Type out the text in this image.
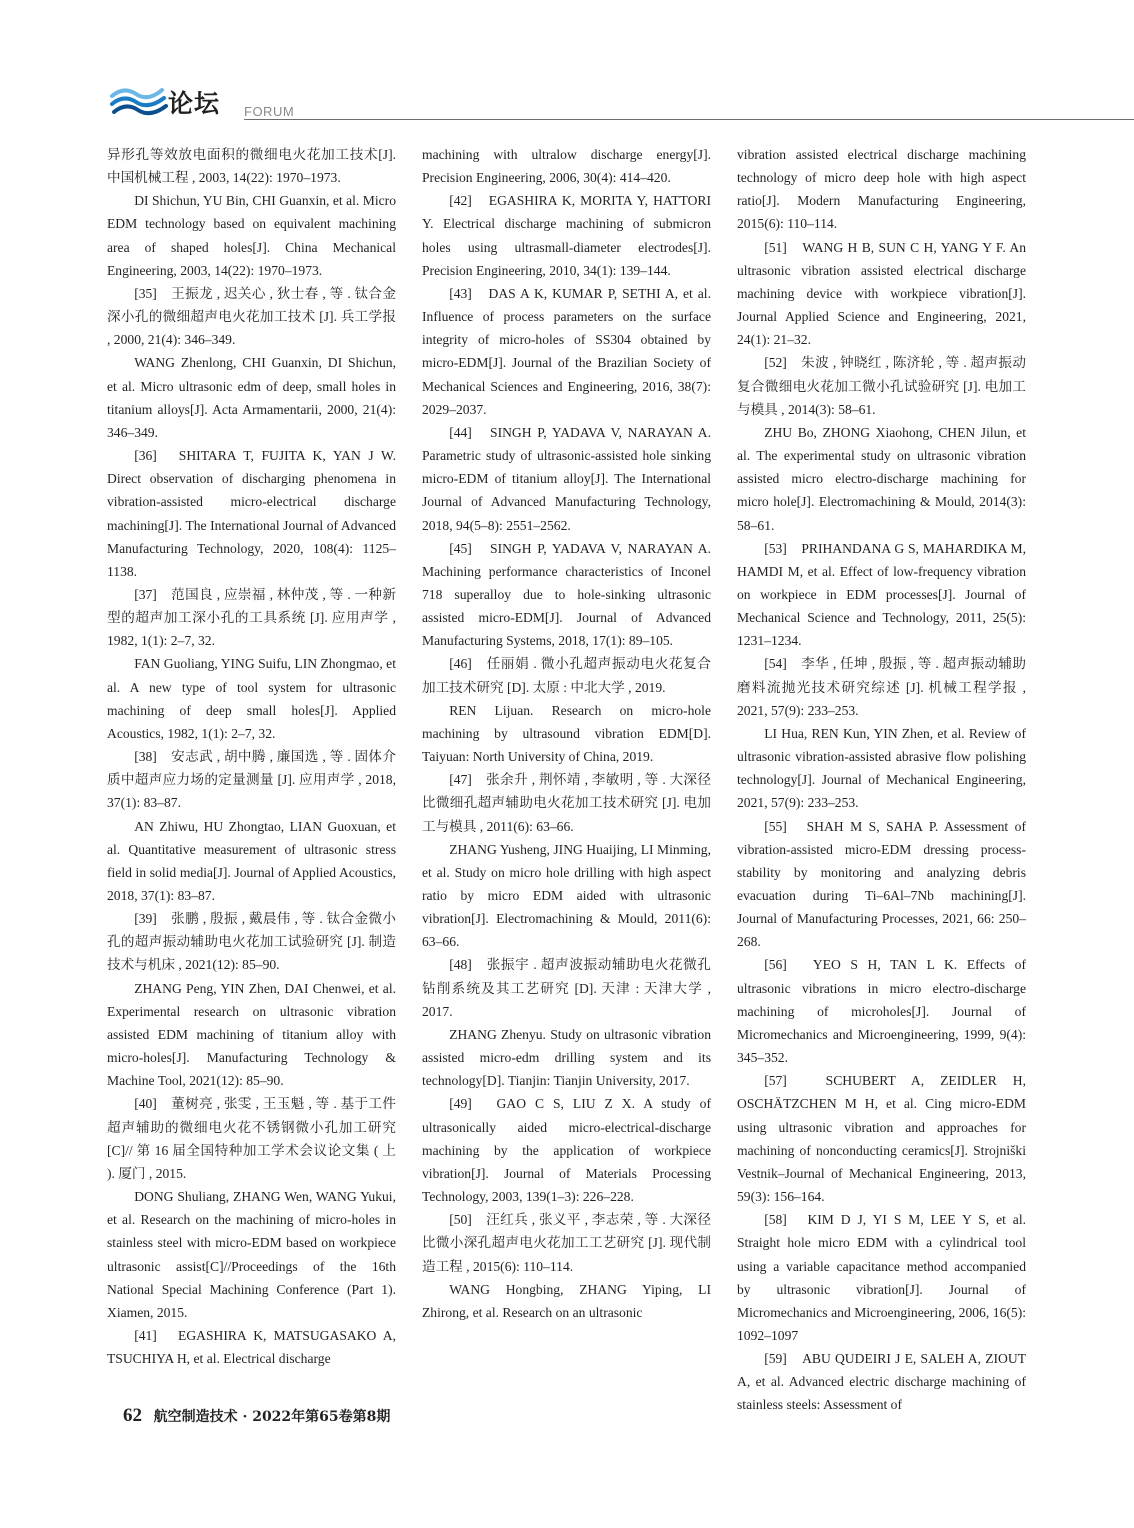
论坛 FORUM

异形孔等效放电面积的微细电火花加工技术[J]. 中国机械工程 , 2003, 14(22): 1970–1973.

DI Shichun, YU Bin, CHI Guanxin, et al. Micro EDM technology based on equivalent machining area of shaped holes[J]. China Mechanical Engineering, 2003, 14(22): 1970–1973.

[35]　王振龙 , 迟关心 , 狄士春 , 等 . 钛合金深小孔的微细超声电火花加工技术 [J]. 兵工学报 , 2000, 21(4): 346–349.

WANG Zhenlong, CHI Guanxin, DI Shichun, et al. Micro ultrasonic edm of deep, small holes in titanium alloys[J]. Acta Armamentarii, 2000, 21(4): 346–349.

[36]　SHITARA T, FUJITA K, YAN J W. Direct observation of discharging phenomena in vibration-assisted micro-electrical discharge machining[J]. The International Journal of Advanced Manufacturing Technology, 2020, 108(4): 1125–1138.

[37]　范国良 , 应崇福 , 林仲茂 , 等 . 一种新型的超声加工深小孔的工具系统 [J]. 应用声学 , 1982, 1(1): 2–7, 32.

FAN Guoliang, YING Suifu, LIN Zhongmao, et al. A new type of tool system for ultrasonic machining of deep small holes[J]. Applied Acoustics, 1982, 1(1): 2–7, 32.

[38]　安志武 , 胡中腾 , 廉国选 , 等 . 固体介质中超声应力场的定量测量 [J]. 应用声学 , 2018, 37(1): 83–87.

AN Zhiwu, HU Zhongtao, LIAN Guoxuan, et al. Quantitative measurement of ultrasonic stress field in solid media[J]. Journal of Applied Acoustics, 2018, 37(1): 83–87.

[39]　张鹏 , 殷振 , 戴晨伟 , 等 . 钛合金微小孔的超声振动辅助电火花加工试验研究 [J]. 制造技术与机床 , 2021(12): 85–90.

ZHANG Peng, YIN Zhen, DAI Chenwei, et al. Experimental research on ultrasonic vibration assisted EDM machining of titanium alloy with micro-holes[J]. Manufacturing Technology & Machine Tool, 2021(12): 85–90.

[40]　董树亮 , 张雯 , 王玉魁 , 等 . 基于工件超声辅助的微细电火花不锈钢微小孔加工研究 [C]// 第 16 届全国特种加工学术会议论文集 ( 上 ). 厦门 , 2015.

DONG Shuliang, ZHANG Wen, WANG Yukui, et al. Research on the machining of micro-holes in stainless steel with micro-EDM based on workpiece ultrasonic assist[C]//Proceedings of the 16th National Special Machining Conference (Part 1). Xiamen, 2015.

[41]　EGASHIRA K, MATSUGASAKO A, TSUCHIYA H, et al. Electrical discharge

machining with ultralow discharge energy[J]. Precision Engineering, 2006, 30(4): 414–420.

[42]　EGASHIRA K, MORITA Y, HATTORI Y. Electrical discharge machining of submicron holes using ultrasmall-diameter electrodes[J]. Precision Engineering, 2010, 34(1): 139–144.

[43]　DAS A K, KUMAR P, SETHI A, et al. Influence of process parameters on the surface integrity of micro-holes of SS304 obtained by micro-EDM[J]. Journal of the Brazilian Society of Mechanical Sciences and Engineering, 2016, 38(7): 2029–2037.

[44]　SINGH P, YADAVA V, NARAYAN A. Parametric study of ultrasonic-assisted hole sinking micro-EDM of titanium alloy[J]. The International Journal of Advanced Manufacturing Technology, 2018, 94(5–8): 2551–2562.

[45]　SINGH P, YADAVA V, NARAYAN A. Machining performance characteristics of Inconel 718 superalloy due to hole-sinking ultrasonic assisted micro-EDM[J]. Journal of Advanced Manufacturing Systems, 2018, 17(1): 89–105.

[46]　任丽娟 . 微小孔超声振动电火花复合加工技术研究 [D]. 太原 : 中北大学 , 2019.

REN Lijuan. Research on micro-hole machining by ultrasound vibration EDM[D]. Taiyuan: North University of China, 2019.

[47]　张余升 , 荆怀靖 , 李敏明 , 等 . 大深径比微细孔超声辅助电火花加工技术研究 [J]. 电加工与模具 , 2011(6): 63–66.

ZHANG Yusheng, JING Huaijing, LI Minming, et al. Study on micro hole drilling with high aspect ratio by micro EDM aided with ultrasonic vibration[J]. Electromachining & Mould, 2011(6): 63–66.

[48]　张振宇 . 超声波振动辅助电火花微孔钻削系统及其工艺研究 [D]. 天津 : 天津大学 , 2017.

ZHANG Zhenyu. Study on ultrasonic vibration assisted micro-edm drilling system and its technology[D]. Tianjin: Tianjin University, 2017.

[49]　GAO C S, LIU Z X. A study of ultrasonically aided micro-electrical-discharge machining by the application of workpiece vibration[J]. Journal of Materials Processing Technology, 2003, 139(1–3): 226–228.

[50]　汪红兵 , 张义平 , 李志荣 , 等 . 大深径比微小深孔超声电火花加工工艺研究 [J]. 现代制造工程 , 2015(6): 110–114.

WANG Hongbing, ZHANG Yiping, LI Zhirong, et al. Research on an ultrasonic

vibration assisted electrical discharge machining technology of micro deep hole with high aspect ratio[J]. Modern Manufacturing Engineering, 2015(6): 110–114.

[51]　WANG H B, SUN C H, YANG Y F. An ultrasonic vibration assisted electrical discharge machining device with workpiece vibration[J]. Journal Applied Science and Engineering, 2021, 24(1): 21–32.

[52]　朱波 , 钟晓红 , 陈济轮 , 等 . 超声振动复合微细电火花加工微小孔试验研究 [J]. 电加工与模具 , 2014(3): 58–61.

ZHU Bo, ZHONG Xiaohong, CHEN Jilun, et al. The experimental study on ultrasonic vibration assisted micro electro-discharge machining for micro hole[J]. Electromachining & Mould, 2014(3): 58–61.

[53]　PRIHANDANA G S, MAHARDIKA M, HAMDI M, et al. Effect of low-frequency vibration on workpiece in EDM processes[J]. Journal of Mechanical Science and Technology, 2011, 25(5): 1231–1234.

[54]　李华 , 任坤 , 殷振 , 等 . 超声振动辅助磨料流抛光技术研究综述 [J]. 机械工程学报 , 2021, 57(9): 233–253.

LI Hua, REN Kun, YIN Zhen, et al. Review of ultrasonic vibration-assisted abrasive flow polishing technology[J]. Journal of Mechanical Engineering, 2021, 57(9): 233–253.

[55]　SHAH M S, SAHA P. Assessment of vibration-assisted micro-EDM dressing process-stability by monitoring and analyzing debris evacuation during Ti–6Al–7Nb machining[J]. Journal of Manufacturing Processes, 2021, 66: 250–268.

[56]　YEO S H, TAN L K. Effects of ultrasonic vibrations in micro electro-discharge machining of microholes[J]. Journal of Micromechanics and Microengineering, 1999, 9(4): 345–352.

[57]　SCHUBERT A, ZEIDLER H, OSCHÄTZCHEN M H, et al. Cing micro-EDM using ultrasonic vibration and approaches for machining of nonconducting ceramics[J]. Strojniški Vestnik–Journal of Mechanical Engineering, 2013, 59(3): 156–164.

[58]　KIM D J, YI S M, LEE Y S, et al. Straight hole micro EDM with a cylindrical tool using a variable capacitance method accompanied by ultrasonic vibration[J]. Journal of Micromechanics and Microengineering, 2006, 16(5): 1092–1097

[59]　ABU QUDEIRI J E, SALEH A, ZIOUT A, et al. Advanced electric discharge machining of stainless steels: Assessment of

62 航空制造技术 · 2022年第65卷第8期
